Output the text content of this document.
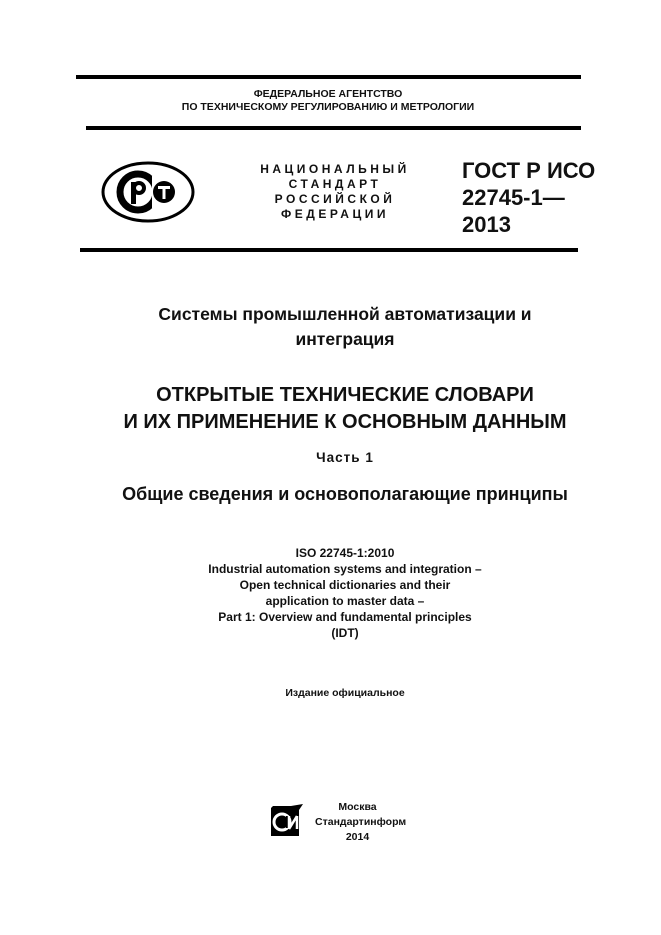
ФЕДЕРАЛЬНОЕ АГЕНТСТВО
ПО ТЕХНИЧЕСКОМУ РЕГУЛИРОВАНИЮ И МЕТРОЛОГИИ
НАЦИОНАЛЬНЫЙ
СТАНДАРТ
РОССИЙСКОЙ
ФЕДЕРАЦИИ
ГОСТ Р ИСО
22745-1—
2013
Системы промышленной автоматизации и
интеграция
ОТКРЫТЫЕ ТЕХНИЧЕСКИЕ СЛОВАРИ
И ИХ ПРИМЕНЕНИЕ К ОСНОВНЫМ ДАННЫМ
Часть 1
Общие сведения и основополагающие принципы
ISO 22745-1:2010
Industrial automation systems and integration –
Open technical dictionaries and their
application to master data –
Part 1: Overview and fundamental principles
(IDT)
Издание официальное
Москва
Стандартинформ
2014
